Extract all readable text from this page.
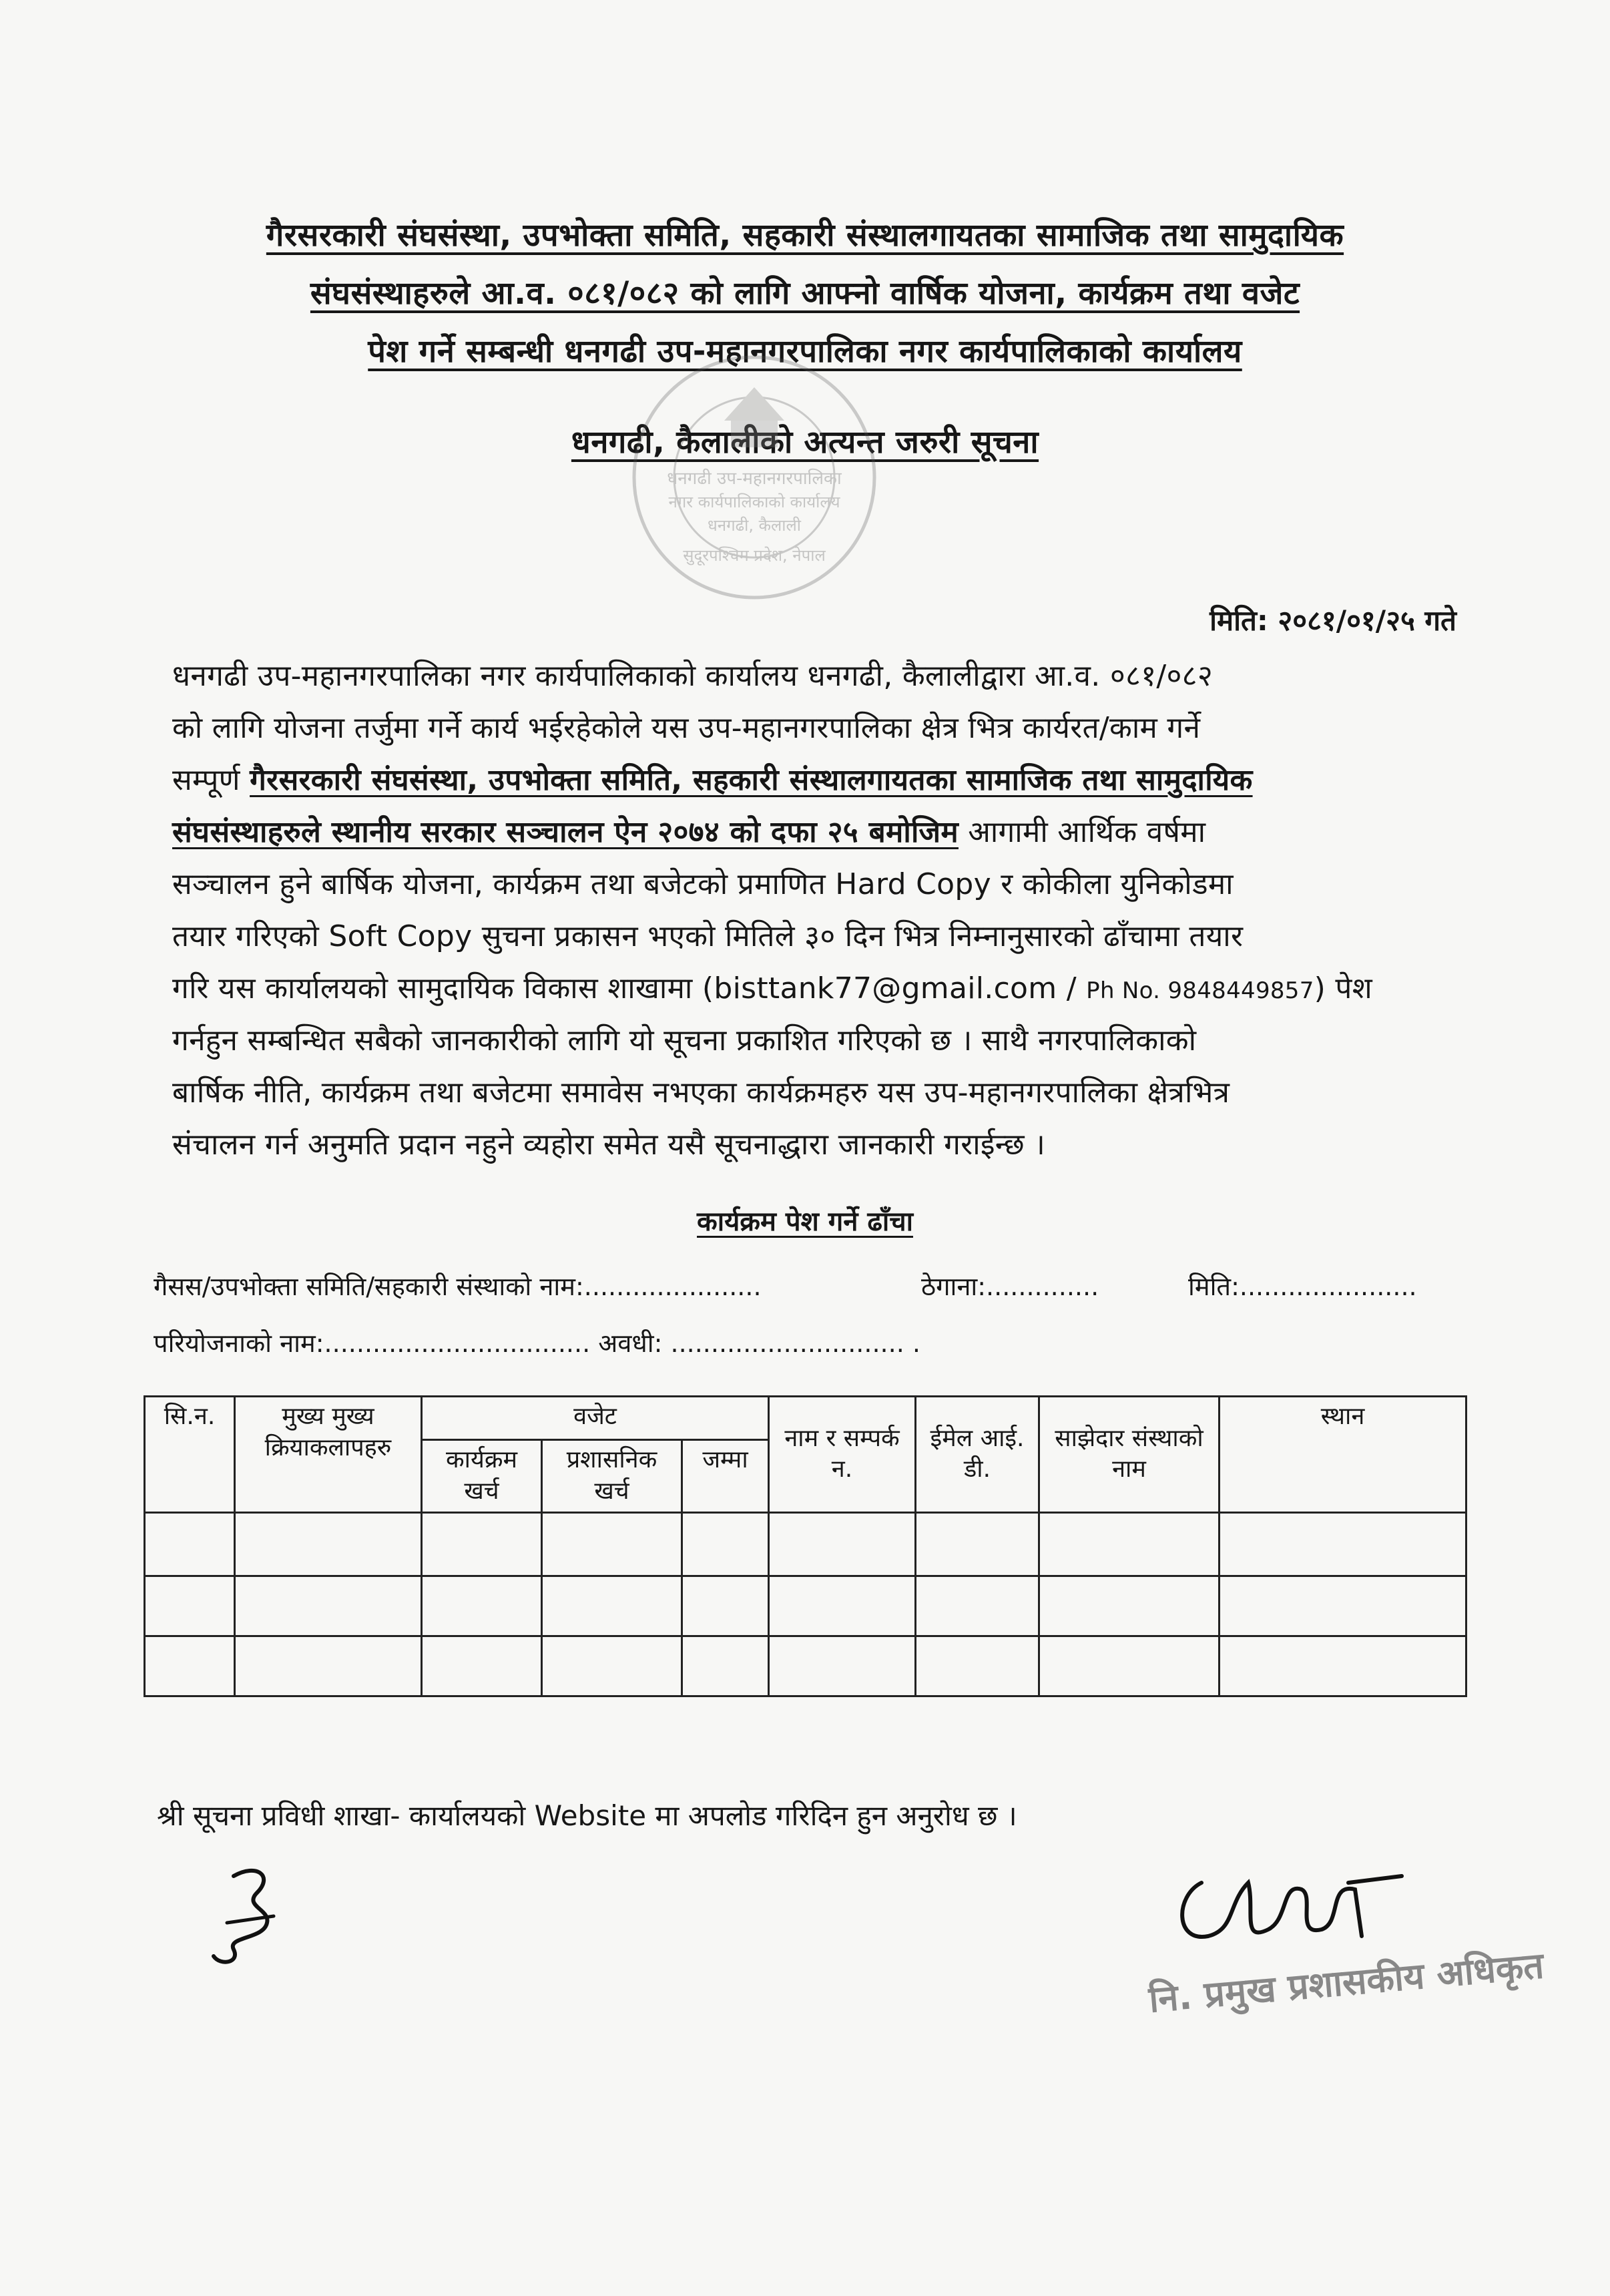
गैरसरकारी संघसंस्था, उपभोक्ता समिति, सहकारी संस्थालगायतका सामाजिक तथा सामुदायिक
संघसंस्थाहरुले आ.व. ०८१/०८२ को लागि आफ्नो वार्षिक योजना, कार्यक्रम तथा वजेट
पेश गर्ने सम्बन्धी धनगढी उप-महानगरपालिका नगर कार्यपालिकाको कार्यालय
धनगढी, कैलालीको अत्यन्त जरुरी सूचना
धनगढी उप-महानगरपालिका
नगर कार्यपालिकाको कार्यालय
धनगढी, कैलाली
सुदूरपश्चिम प्रदेश, नेपाल
मिति: २०८१/०१/२५ गते
धनगढी उप-महानगरपालिका नगर कार्यपालिकाको कार्यालय धनगढी, कैलालीद्वारा आ.व. ०८१/०८२
को लागि योजना तर्जुमा गर्ने कार्य भईरहेकोले यस उप-महानगरपालिका क्षेत्र भित्र कार्यरत/काम गर्ने
सम्पूर्ण गैरसरकारी संघसंस्था, उपभोक्ता समिति, सहकारी संस्थालगायतका सामाजिक तथा सामुदायिक
संघसंस्थाहरुले स्थानीय सरकार सञ्चालन ऐन २०७४ को दफा २५ बमोजिम आगामी आर्थिक वर्षमा
सञ्चालन हुने बार्षिक योजना, कार्यक्रम तथा बजेटको प्रमाणित Hard Copy र कोकीला युनिकोडमा
तयार गरिएको Soft Copy सुचना प्रकासन भएको मितिले ३० दिन भित्र निम्नानुसारको ढाँचामा तयार
गरि यस कार्यालयको सामुदायिक विकास शाखामा (bisttank77@gmail.com / Ph No. 9848449857) पेश
गर्नहुन सम्बन्धित सबैको जानकारीको लागि यो सूचना प्रकाशित गरिएको छ । साथै नगरपालिकाको
बार्षिक नीति, कार्यक्रम तथा बजेटमा समावेस नभएका कार्यक्रमहरु यस उप-महानगरपालिका क्षेत्रभित्र
संचालन गर्न अनुमति प्रदान नहुने व्यहोरा समेत यसै सूचनाद्धारा जानकारी गराईन्छ ।
कार्यक्रम पेश गर्ने ढाँचा
गैसस/उपभोक्ता समिति/सहकारी संस्थाको नाम:......................	ठेगाना:..............	मिति:......................
परियोजनाको नाम:................................. अवधी: ............................. .
सि.न.	मुख्य मुख्य क्रियाकलापहरु	वजेट			नाम र सम्पर्क न.	ईमेल आई. डी.	साझेदार संस्थाको नाम	स्थान
		कार्यक्रम खर्च	प्रशासनिक खर्च	जम्मा				

श्री सूचना प्रविधी शाखा- कार्यालयको Website मा अपलोड गरिदिन हुन अनुरोध छ ।
नि. प्रमुख प्रशासकीय अधिकृत
